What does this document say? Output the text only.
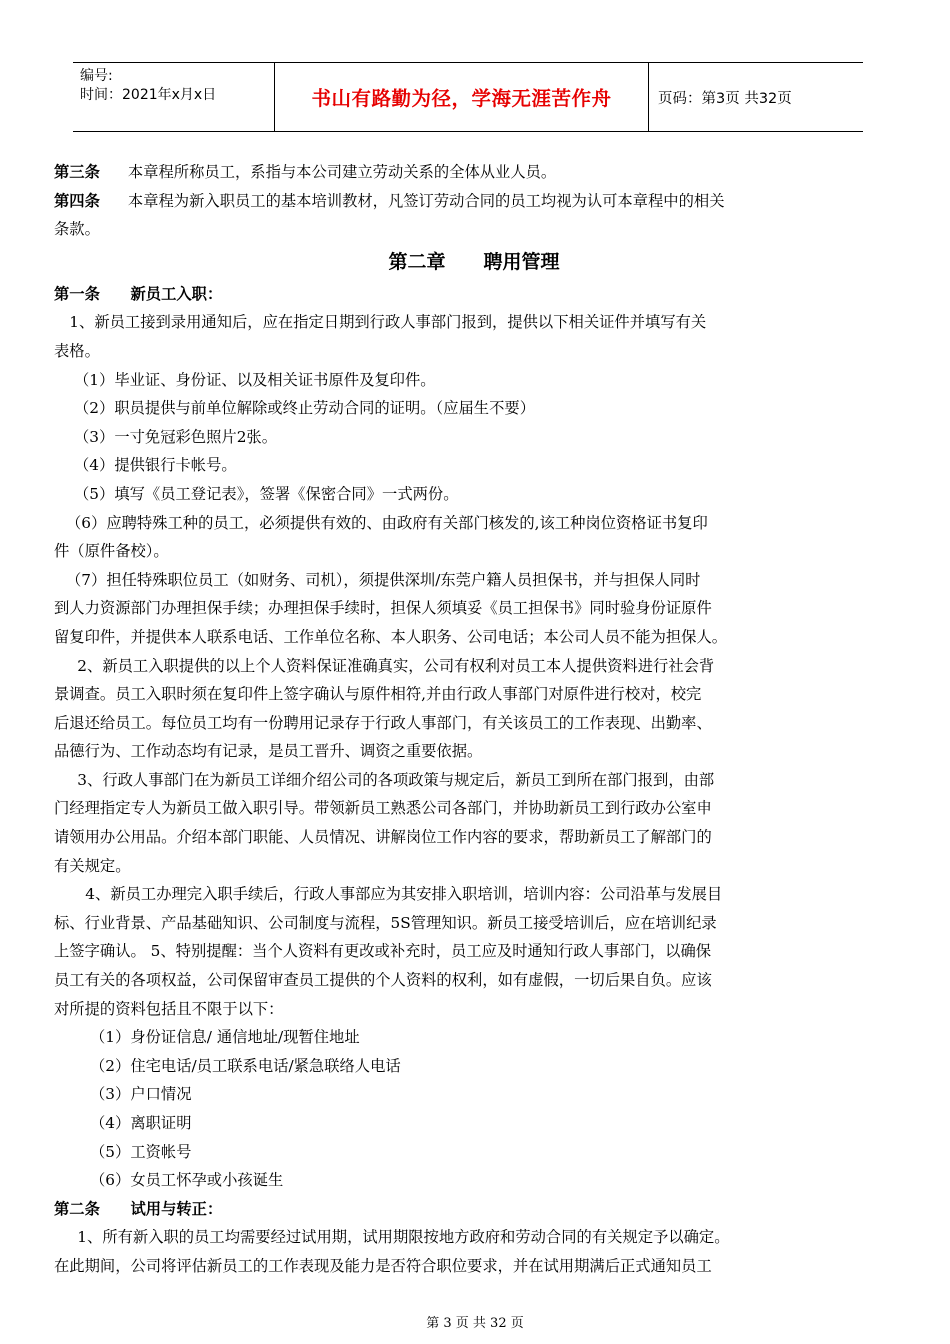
编号:
时间：2021年x月x日	书山有路勤为径，学海无涯苦作舟	页码：第3页 共32页
第三条 本章程所称员工，系指与本公司建立劳动关系的全体从业人员。
第四条 本章程为新入职员工的基本培训教材，凡签订劳动合同的员工均视为认可本章程中的相关
条款。
第二章　　聘用管理
第一条　　新员工入职：
　1、新员工接到录用通知后，应在指定日期到行政人事部门报到，提供以下相关证件并填写有关
表格。
（1）毕业证、身份证、以及相关证书原件及复印件。
（2）职员提供与前单位解除或终止劳动合同的证明。（应届生不要）
（3）一寸免冠彩色照片2张。
（4）提供银行卡帐号。
（5）填写《员工登记表》，签署《保密合同》一式两份。
（6）应聘特殊工种的员工，必须提供有效的、由政府有关部门核发的,该工种岗位资格证书复印
件（原件备校）。
（7）担任特殊职位员工（如财务、司机），须提供深圳/东莞户籍人员担保书，并与担保人同时
到人力资源部门办理担保手续；办理担保手续时，担保人须填妥《员工担保书》同时验身份证原件
留复印件，并提供本人联系电话、工作单位名称、本人职务、公司电话；本公司人员不能为担保人。
　2、新员工入职提供的以上个人资料保证准确真实，公司有权利对员工本人提供资料进行社会背
景调查。员工入职时须在复印件上签字确认与原件相符,并由行政人事部门对原件进行校对，校完
后退还给员工。每位员工均有一份聘用记录存于行政人事部门，有关该员工的工作表现、出勤率、
品德行为、工作动态均有记录，是员工晋升、调资之重要依据。
　3、行政人事部门在为新员工详细介绍公司的各项政策与规定后，新员工到所在部门报到，由部
门经理指定专人为新员工做入职引导。带领新员工熟悉公司各部门，并协助新员工到行政办公室申
请领用办公用品。介绍本部门职能、人员情况、讲解岗位工作内容的要求，帮助新员工了解部门的
有关规定。
　4、新员工办理完入职手续后，行政人事部应为其安排入职培训，培训内容：公司沿革与发展目
标、行业背景、产品基础知识、公司制度与流程，5S管理知识。新员工接受培训后，应在培训纪录
上签字确认。 5、特别提醒：当个人资料有更改或补充时，员工应及时通知行政人事部门，以确保
员工有关的各项权益，公司保留审查员工提供的个人资料的权利，如有虚假，一切后果自负。应该
对所提的资料包括且不限于以下：
（1）身份证信息/ 通信地址/现暂住地址
（2）住宅电话/员工联系电话/紧急联络人电话
（3）户口情况
（4）离职证明
（5）工资帐号
（6）女员工怀孕或小孩诞生
第二条　　试用与转正：
　1、所有新入职的员工均需要经过试用期，试用期限按地方政府和劳动合同的有关规定予以确定。
在此期间，公司将评估新员工的工作表现及能力是否符合职位要求，并在试用期满后正式通知员工
第 3 页 共 32 页
